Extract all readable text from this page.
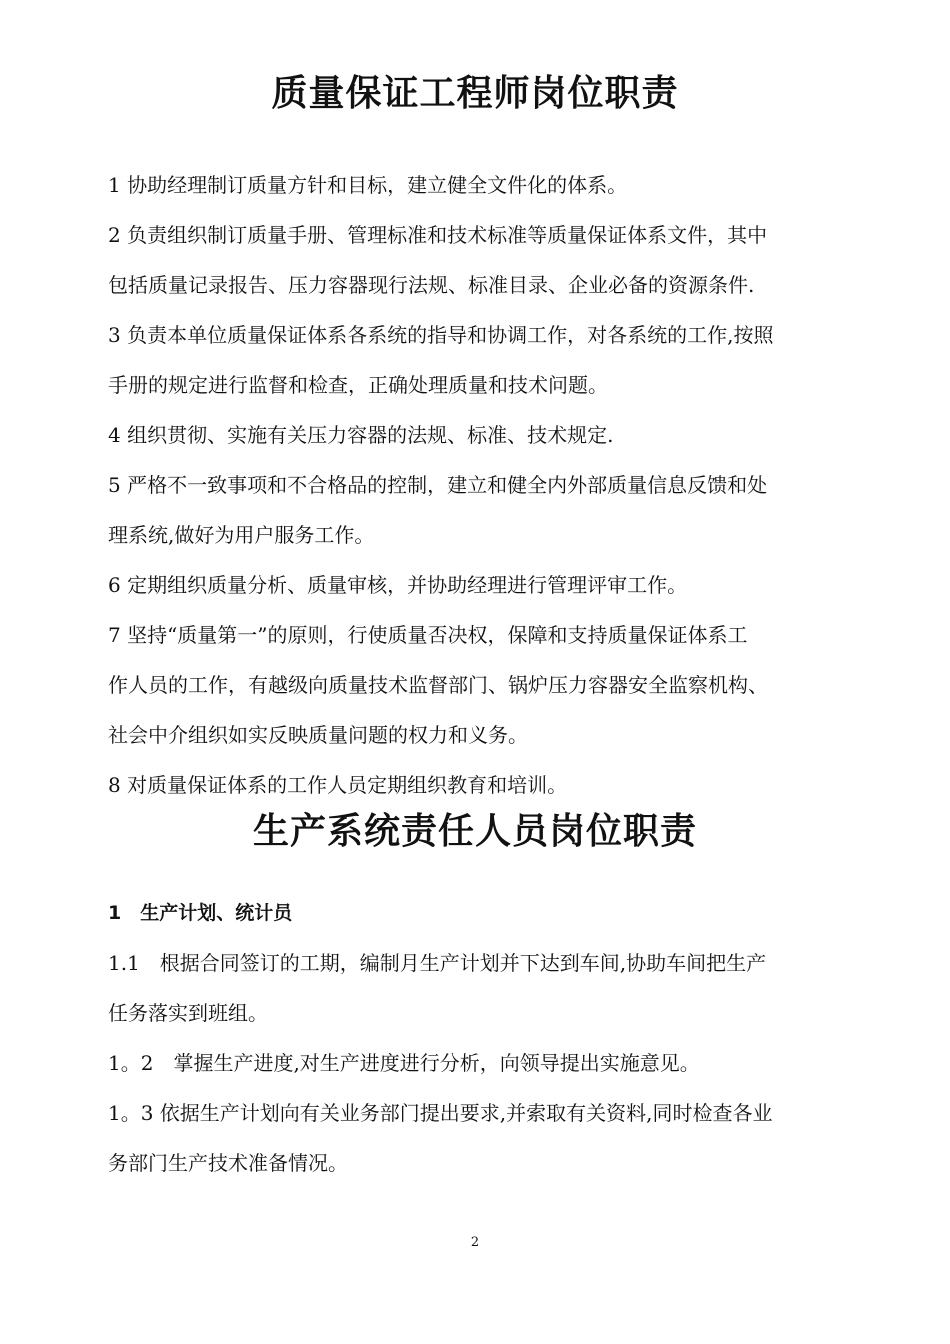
质量保证工程师岗位职责
1 协助经理制订质量方针和目标，建立健全文件化的体系。
2 负责组织制订质量手册、管理标准和技术标准等质量保证体系文件，其中
包括质量记录报告、压力容器现行法规、标准目录、企业必备的资源条件.
3 负责本单位质量保证体系各系统的指导和协调工作，对各系统的工作,按照
手册的规定进行监督和检查，正确处理质量和技术问题。
4 组织贯彻、实施有关压力容器的法规、标准、技术规定.
5 严格不一致事项和不合格品的控制，建立和健全内外部质量信息反馈和处
理系统,做好为用户服务工作。
6 定期组织质量分析、质量审核，并协助经理进行管理评审工作。
7 坚持“质量第一”的原则，行使质量否决权，保障和支持质量保证体系工
作人员的工作，有越级向质量技术监督部门、锅炉压力容器安全监察机构、
社会中介组织如实反映质量问题的权力和义务。
8 对质量保证体系的工作人员定期组织教育和培训。
生产系统责任人员岗位职责
1　生产计划、统计员
1.1　根据合同签订的工期，编制月生产计划并下达到车间,协助车间把生产
任务落实到班组。
1。2　掌握生产进度,对生产进度进行分析，向领导提出实施意见。
1。3 依据生产计划向有关业务部门提出要求,并索取有关资料,同时检查各业
务部门生产技术准备情况。
2
